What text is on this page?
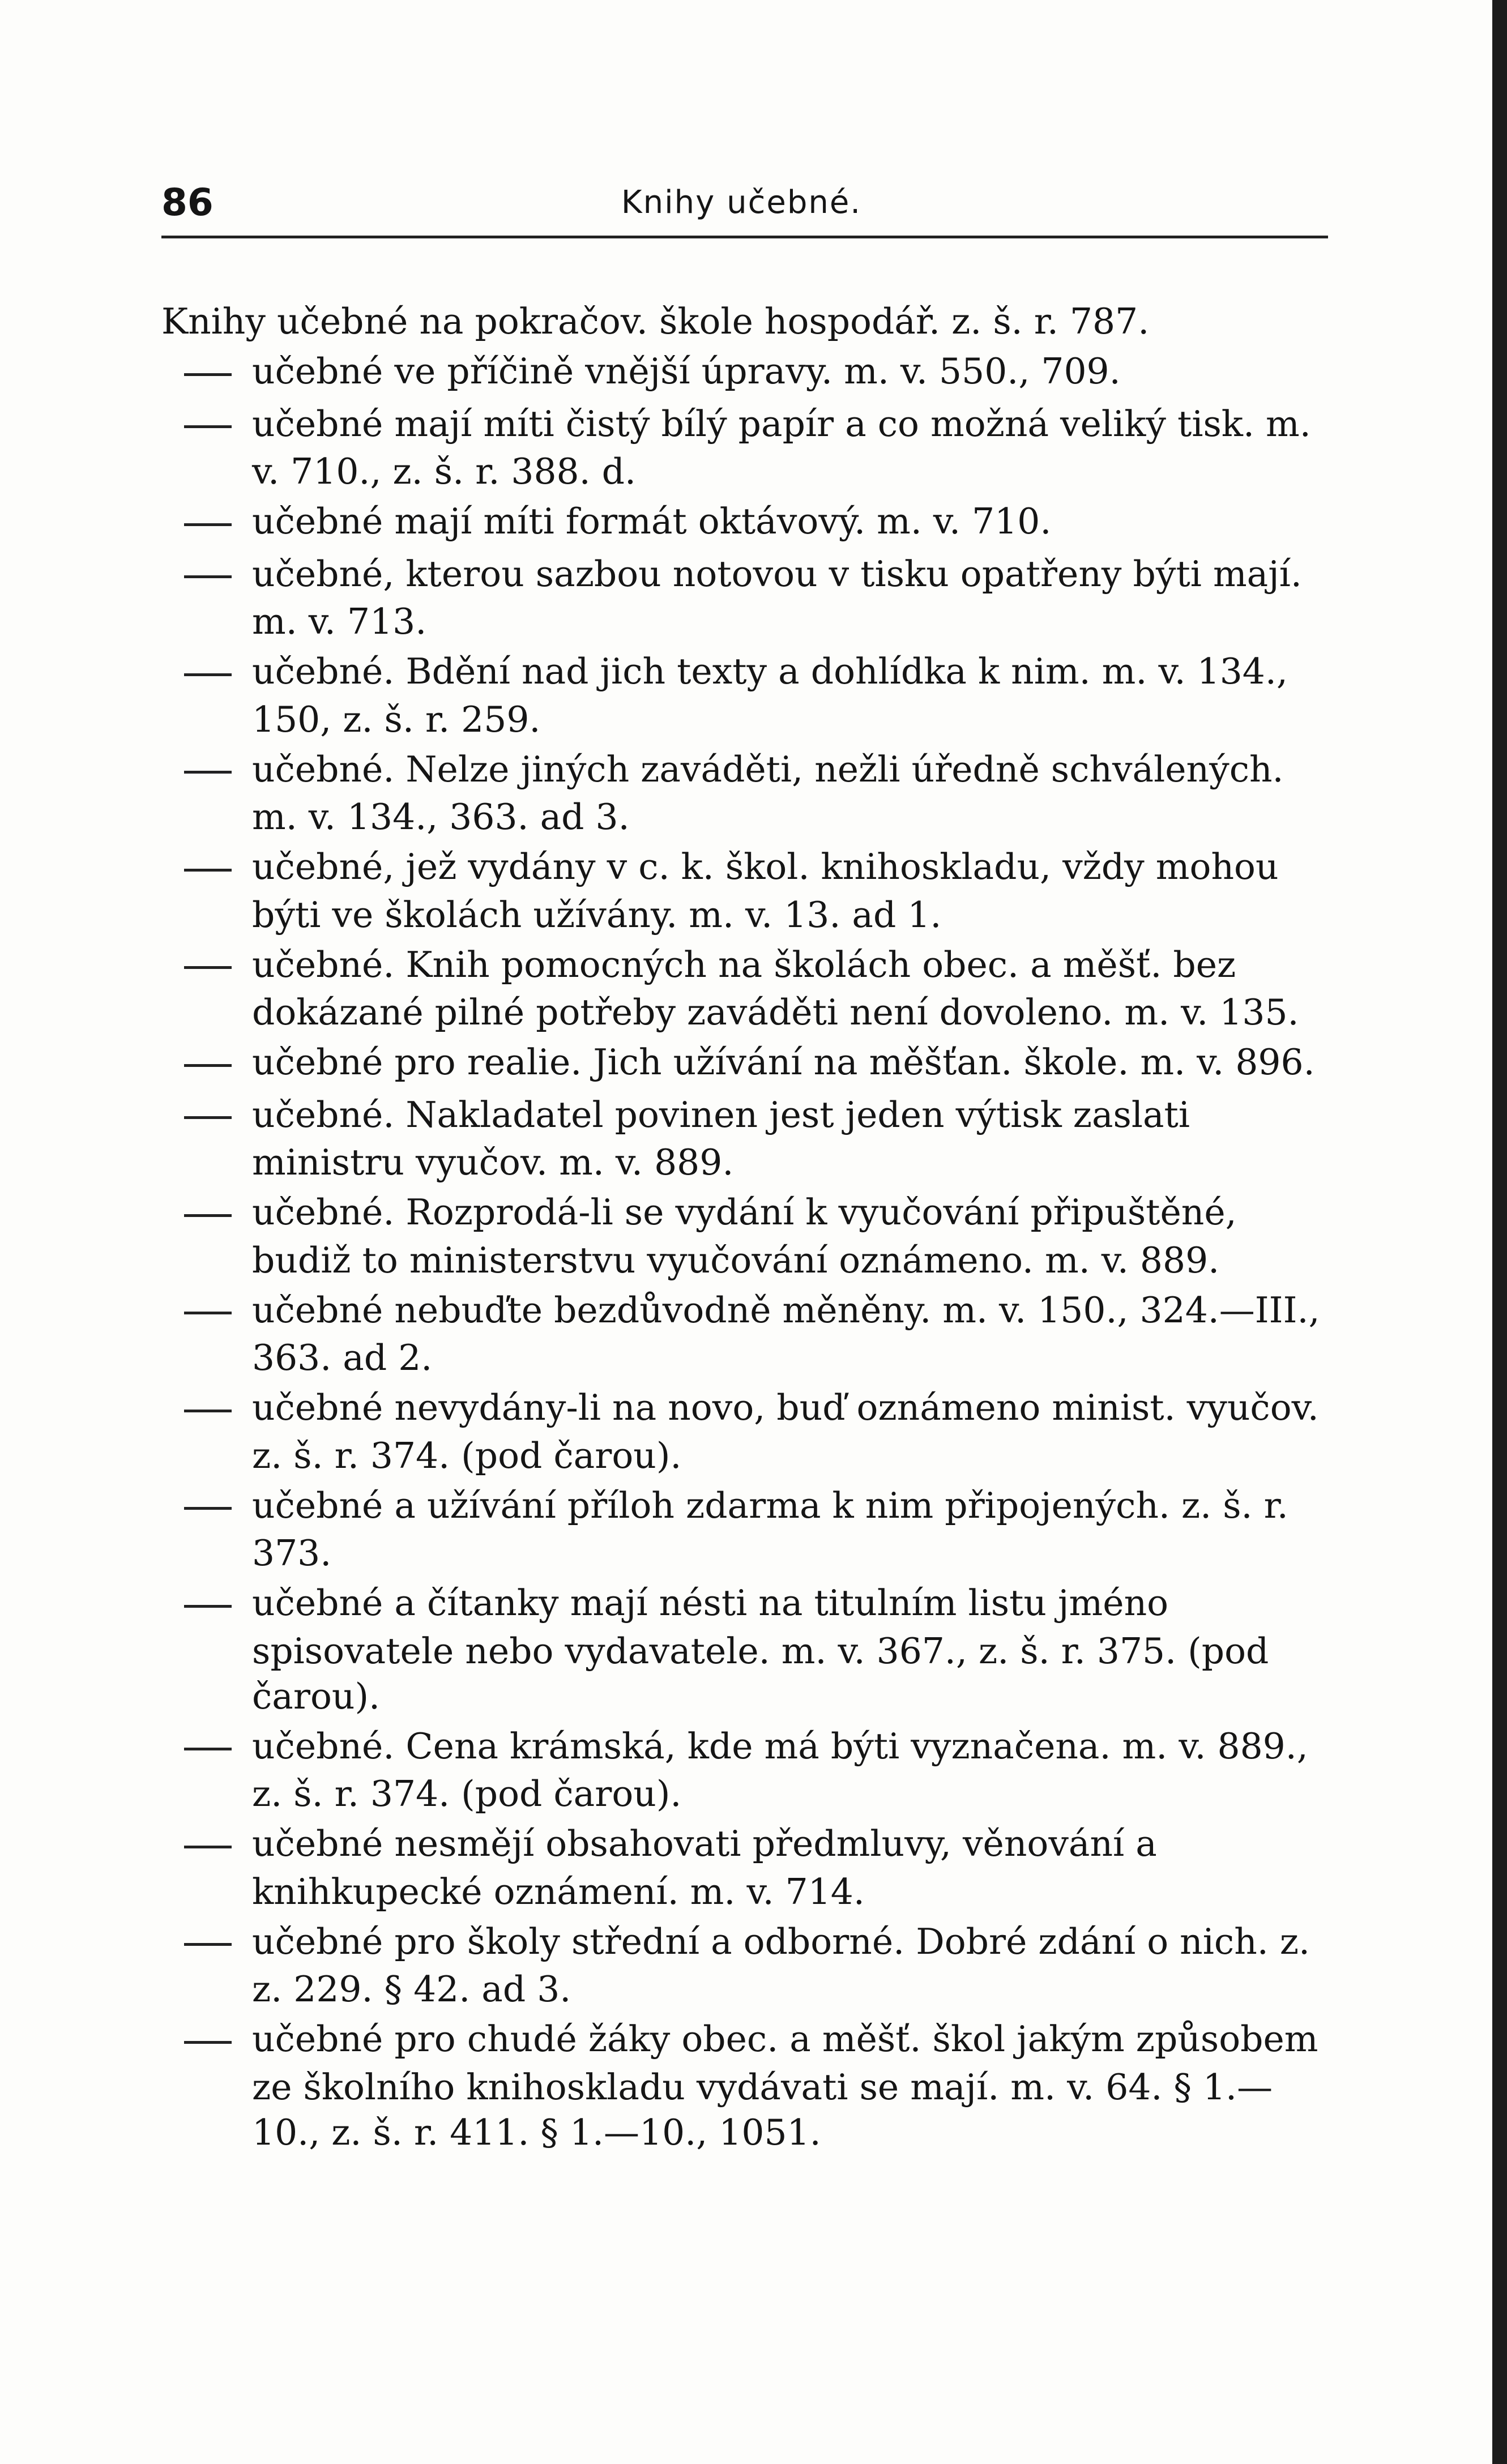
86	Knihy učebné.
Knihy učebné na pokračov. škole hospodář. z. š. r. 787.
učebné ve příčině vnější úpravy. m. v. 550., 709.
učebné mají míti čistý bílý papír a co možná veliký tisk. m. v. 710., z. š. r. 388. d.
učebné mají míti formát oktávový. m. v. 710.
učebné, kterou sazbou notovou v tisku opatřeny býti mají. m. v. 713.
učebné. Bdění nad jich texty a dohlídka k nim. m. v. 134., 150, z. š. r. 259.
učebné. Nelze jiných zaváděti, nežli úředně schválených. m. v. 134., 363. ad 3.
učebné, jež vydány v c. k. škol. knihoskladu, vždy mohou býti ve školách užívány. m. v. 13. ad 1.
učebné. Knih pomocných na školách obec. a měšť. bez dokázané pilné potřeby zaváděti není dovoleno. m. v. 135.
učebné pro realie. Jich užívání na měšťan. škole. m. v. 896.
učebné. Nakladatel povinen jest jeden výtisk zaslati ministru vyučov. m. v. 889.
učebné. Rozprodá-li se vydání k vyučování připuštěné, budiž to ministerstvu vyučování oznámeno. m. v. 889.
učebné nebuďte bezdůvodně měněny. m. v. 150., 324.—III., 363. ad 2.
učebné nevydány-li na novo, buď oznámeno minist. vyučov. z. š. r. 374. (pod čarou).
učebné a užívání příloh zdarma k nim připojených. z. š. r. 373.
učebné a čítanky mají nésti na titulním listu jméno spisovatele nebo vydavatele. m. v. 367., z. š. r. 375. (pod čarou).
učebné. Cena krámská, kde má býti vyznačena. m. v. 889., z. š. r. 374. (pod čarou).
učebné nesmějí obsahovati předmluvy, věnování a knihkupecké oznámení. m. v. 714.
učebné pro školy střední a odborné. Dobré zdání o nich. z. z. 229. § 42. ad 3.
učebné pro chudé žáky obec. a měšť. škol jakým způsobem ze školního knihoskladu vydávati se mají. m. v. 64. § 1.—10., z. š. r. 411. § 1.—10., 1051.
